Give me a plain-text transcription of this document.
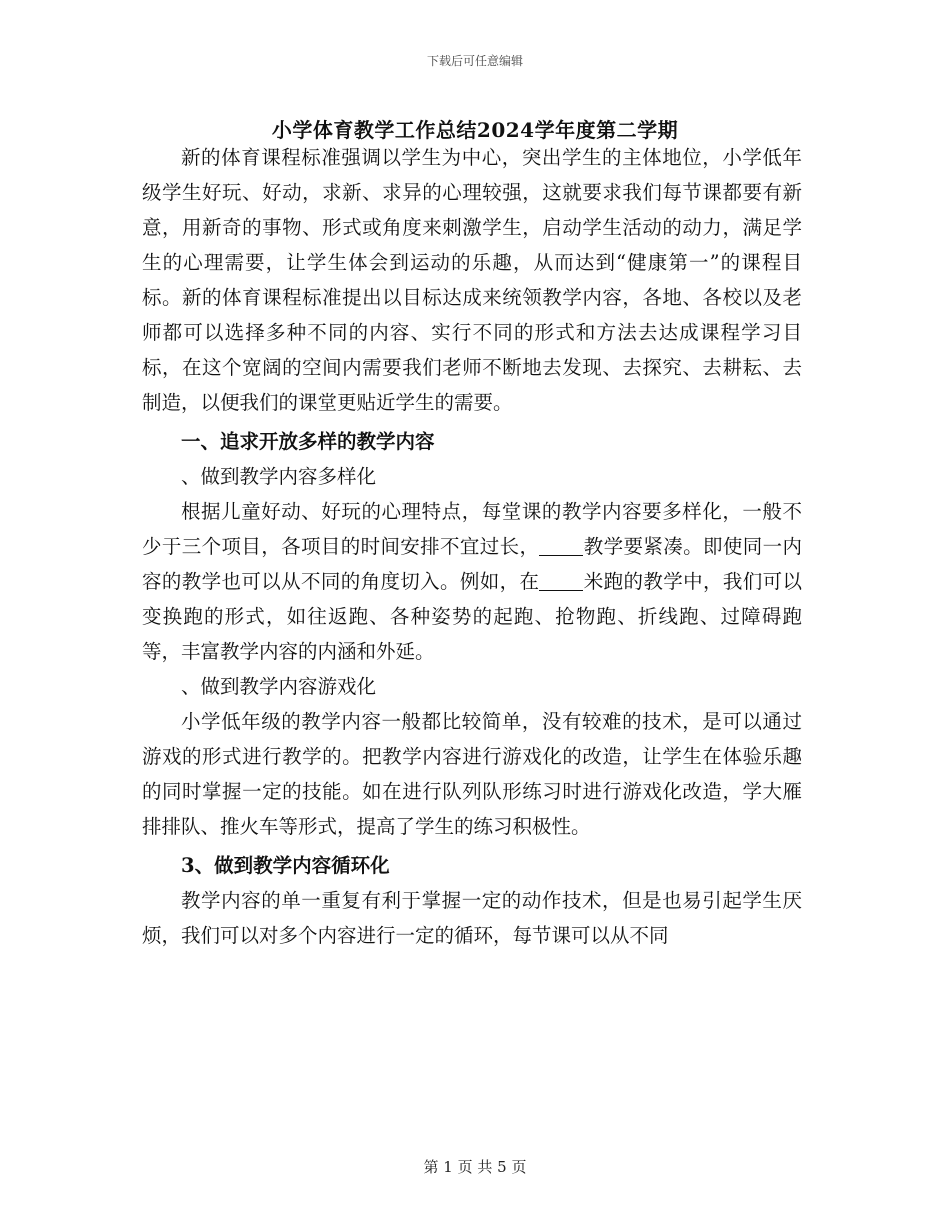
下载后可任意编辑
小学体育教学工作总结2024学年度第二学期

新的体育课程标准强调以学生为中心，突出学生的主体地位，小学低年级学生好玩、好动，求新、求异的心理较强，这就要求我们每节课都要有新意，用新奇的事物、形式或角度来刺激学生，启动学生活动的动力，满足学生的心理需要，让学生体会到运动的乐趣，从而达到“健康第一”的课程目标。新的体育课程标准提出以目标达成来统领教学内容，各地、各校以及老师都可以选择多种不同的内容、实行不同的形式和方法去达成课程学习目标，在这个宽阔的空间内需要我们老师不断地去发现、去探究、去耕耘、去制造，以便我们的课堂更贴近学生的需要。

一、追求开放多样的教学内容

、做到教学内容多样化

根据儿童好动、好玩的心理特点，每堂课的教学内容要多样化，一般不少于三个项目，各项目的时间安排不宜过长， 教学要紧凑。即使同一内容的教学也可以从不同的角度切入。例如，在 米跑的教学中，我们可以变换跑的形式，如往返跑、各种姿势的起跑、抢物跑、折线跑、过障碍跑等，丰富教学内容的内涵和外延。

、做到教学内容游戏化

小学低年级的教学内容一般都比较简单，没有较难的技术，是可以通过游戏的形式进行教学的。把教学内容进行游戏化的改造，让学生在体验乐趣的同时掌握一定的技能。如在进行队列队形练习时进行游戏化改造，学大雁排排队、推火车等形式，提高了学生的练习积极性。

3、做到教学内容循环化

教学内容的单一重复有利于掌握一定的动作技术，但是也易引起学生厌烦，我们可以对多个内容进行一定的循环，每节课可以从不同

第 1 页 共 5 页
